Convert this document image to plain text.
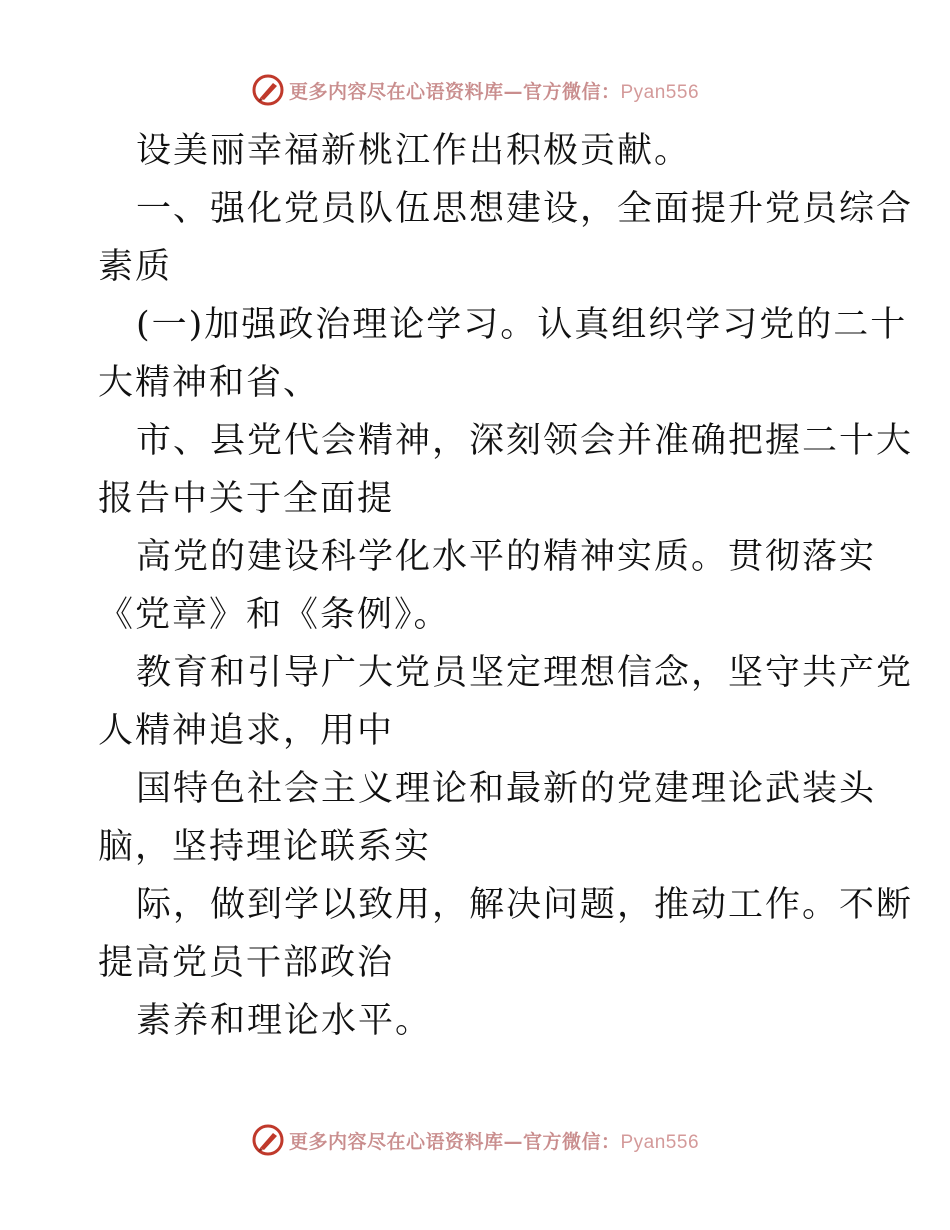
更多内容尽在心语资料库—官方微信：Pyan556

设美丽幸福新桃江作出积极贡献。

一、强化党员队伍思想建设，全面提升党员综合
素质

(一)加强政治理论学习。认真组织学习党的二十
大精神和省、

市、县党代会精神，深刻领会并准确把握二十大
报告中关于全面提

高党的建设科学化水平的精神实质。贯彻落实
《党章》和《条例》。

教育和引导广大党员坚定理想信念，坚守共产党
人精神追求，用中

国特色社会主义理论和最新的党建理论武装头
脑，坚持理论联系实

际，做到学以致用，解决问题，推动工作。不断
提高党员干部政治

素养和理论水平。

更多内容尽在心语资料库—官方微信：Pyan556
